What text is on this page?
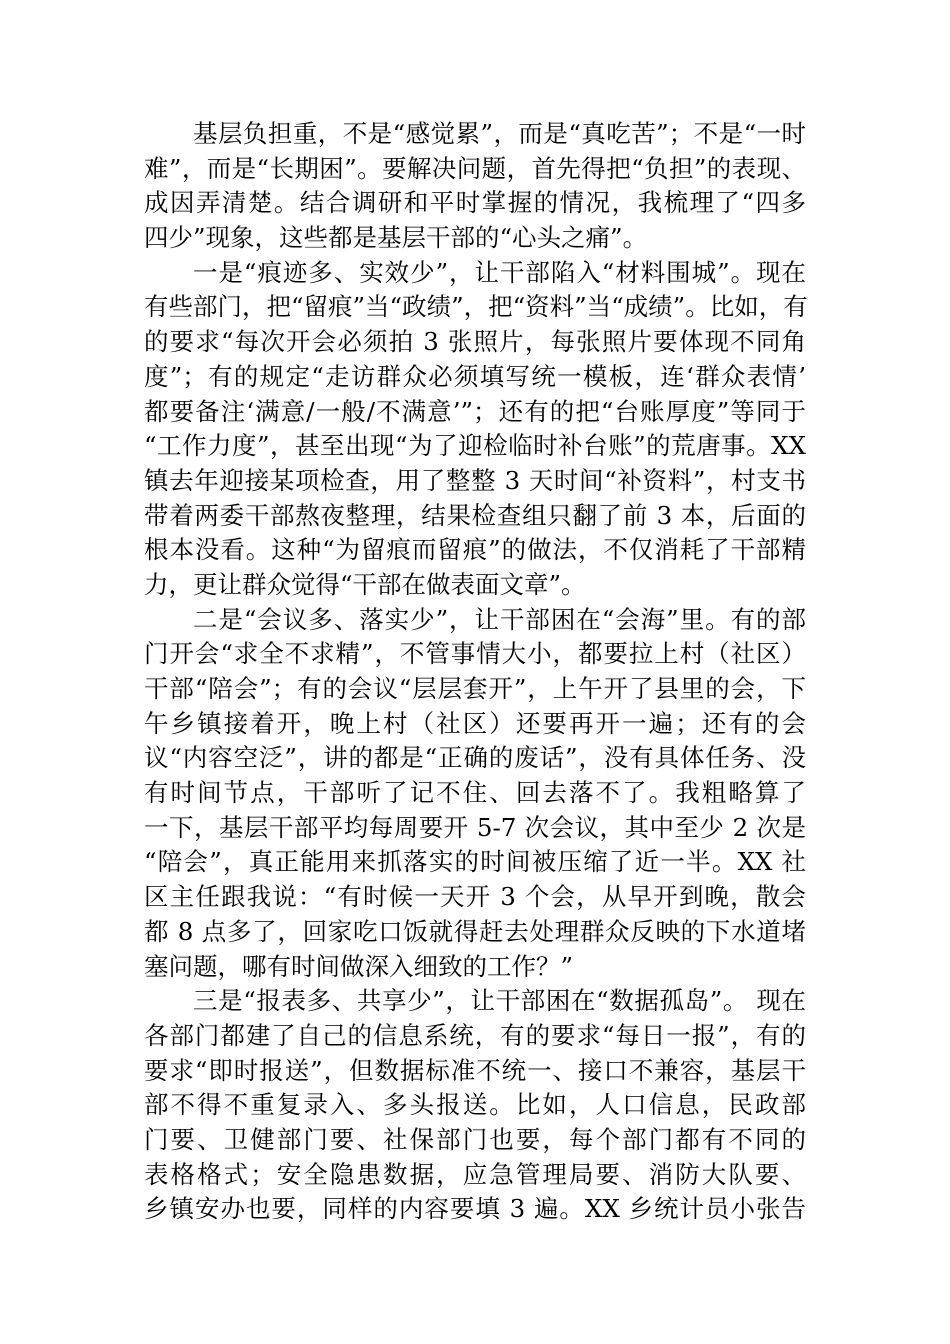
基层负担重，不是“感觉累”，而是“真吃苦”；不是“一时
难”，而是“长期困”。要解决问题，首先得把“负担”的表现、
成因弄清楚。结合调研和平时掌握的情况，我梳理了“四多
四少”现象，这些都是基层干部的“心头之痛”。
一是“痕迹多、实效少”，让干部陷入“材料围城”。现在
有些部门，把“留痕”当“政绩”，把“资料”当“成绩”。比如，有
的要求“每次开会必须拍 3 张照片，每张照片要体现不同角
度”；有的规定“走访群众必须填写统一模板，连‘群众表情’
都要备注‘满意/一般/不满意’”；还有的把“台账厚度”等同于
“工作力度”，甚至出现“为了迎检临时补台账”的荒唐事。XX
镇去年迎接某项检查，用了整整 3 天时间“补资料”，村支书
带着两委干部熬夜整理，结果检查组只翻了前 3 本，后面的
根本没看。这种“为留痕而留痕”的做法，不仅消耗了干部精
力，更让群众觉得“干部在做表面文章”。
二是“会议多、落实少”，让干部困在“会海”里。有的部
门开会“求全不求精”，不管事情大小，都要拉上村（社区）
干部“陪会”；有的会议“层层套开”，上午开了县里的会，下
午乡镇接着开，晚上村（社区）还要再开一遍；还有的会
议“内容空泛”，讲的都是“正确的废话”，没有具体任务、没
有时间节点，干部听了记不住、回去落不了。我粗略算了
一下，基层干部平均每周要开 5-7 次会议，其中至少 2 次是
“陪会”，真正能用来抓落实的时间被压缩了近一半。XX 社
区主任跟我说：“有时候一天开 3 个会，从早开到晚，散会
都 8 点多了，回家吃口饭就得赶去处理群众反映的下水道堵
塞问题，哪有时间做深入细致的工作？”
三是“报表多、共享少”，让干部困在“数据孤岛”。 现在
各部门都建了自己的信息系统，有的要求“每日一报”，有的
要求“即时报送”，但数据标准不统一、接口不兼容，基层干
部不得不重复录入、多头报送。比如，人口信息，民政部
门要、卫健部门要、社保部门也要，每个部门都有不同的
表格格式；安全隐患数据，应急管理局要、消防大队要、
乡镇安办也要，同样的内容要填 3 遍。XX 乡统计员小张告
